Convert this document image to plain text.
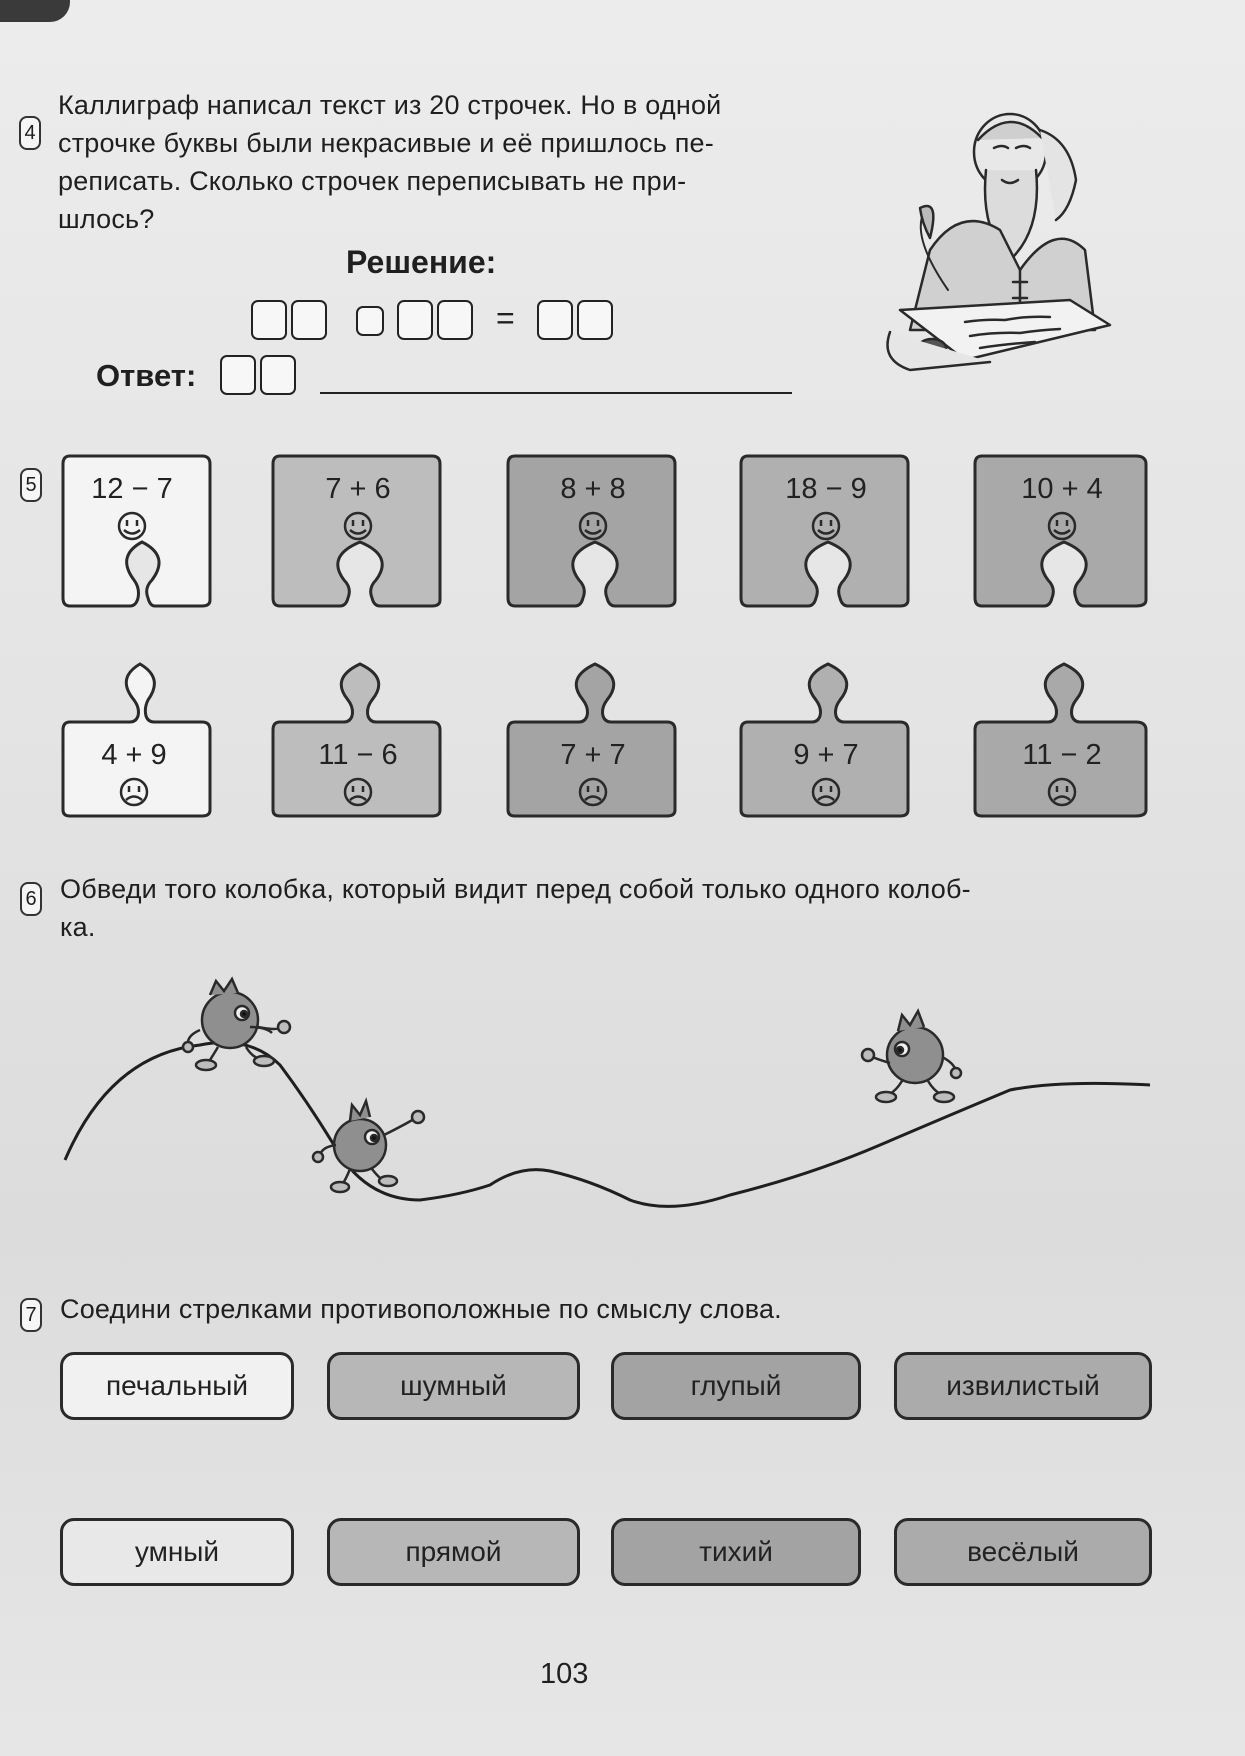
4
Каллиграф написал текст из 20 строчек. Но в одной
строчке буквы были некрасивые и её пришлось пе-
реписать. Сколько строчек переписывать не при-
шлось?
Решение:
=
Ответ:
5 12 − 7	7 + 6	8 + 8	18 − 9	10 + 4
4 + 9	11 − 6	7 + 7	9 + 7	11 − 2
6 Обведи того колобка, который видит перед собой только одного колоб-
ка.
7 Соедини стрелками противоположные по смыслу слова.
печальный	шумный	глупый	извилистый
умный	прямой	тихий	весёлый
103
